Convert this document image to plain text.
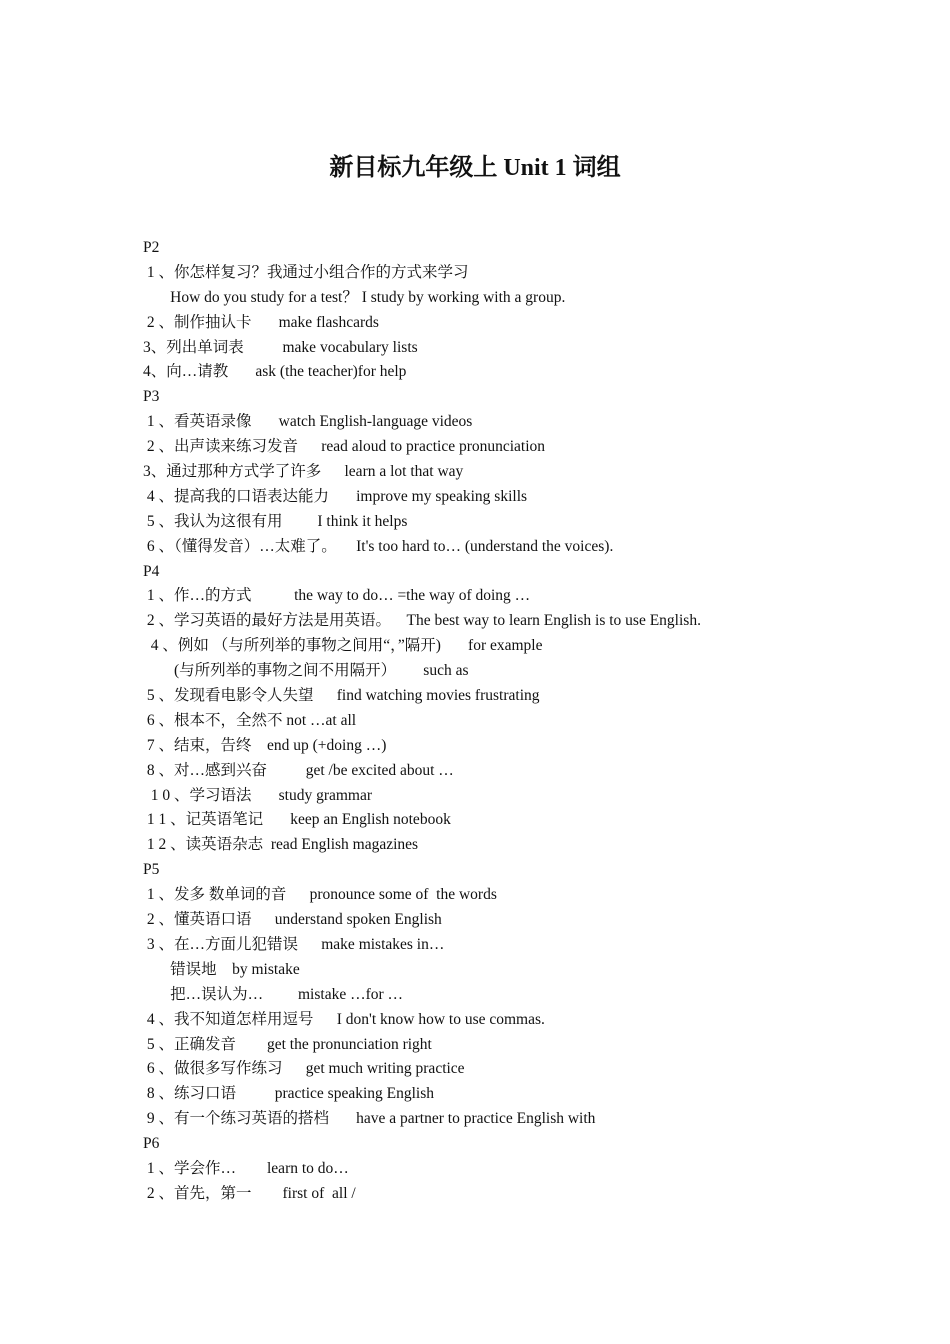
新目标九年级上 Unit 1 词组
P2
1 、你怎样复习？我通过小组合作的方式来学习
How do you study for a test？ I study by working with a group.
2 、制作抽认卡       make flashcards
3、列出单词表          make vocabulary lists
4、向…请教       ask (the teacher)for help
P3
1 、看英语录像       watch English-language videos
2 、出声读来练习发音      read aloud to practice pronunciation
3、通过那种方式学了许多      learn a lot that way
4 、提高我的口语表达能力       improve my speaking skills
5 、我认为这很有用         I think it helps
6 、（懂得发音）…太难了。     It's too hard to… (understand the voices).
P4
1 、作…的方式           the way to do… =the way of doing …
2 、学习英语的最好方法是用英语。    The best way to learn English is to use English.
4 、例如 （与所列举的事物之间用“，”隔开)       for example
(与所列举的事物之间不用隔开）       such as
5 、发现看电影令人失望      find watching movies frustrating
6 、根本不，全然不 not …at all
7 、结束，告终    end up (+doing …)
8 、对…感到兴奋          get /be excited about …
1 0 、学习语法       study grammar
1 1 、记英语笔记       keep an English notebook
1 2 、读英语杂志  read English magazines
P5
1 、发多 数单词的音      pronounce some of  the words
2 、懂英语口语      understand spoken English
3 、在…方面儿犯错误      make mistakes in…
错误地    by mistake
把…误认为…         mistake …for …
4 、我不知道怎样用逗号      I don't know how to use commas.
5 、正确发音        get the pronunciation right
6 、做很多写作练习      get much writing practice
8 、练习口语          practice speaking English
9 、有一个练习英语的搭档       have a partner to practice English with
P6
1 、学会作…        learn to do…
2 、首先，第一        first of  all /
